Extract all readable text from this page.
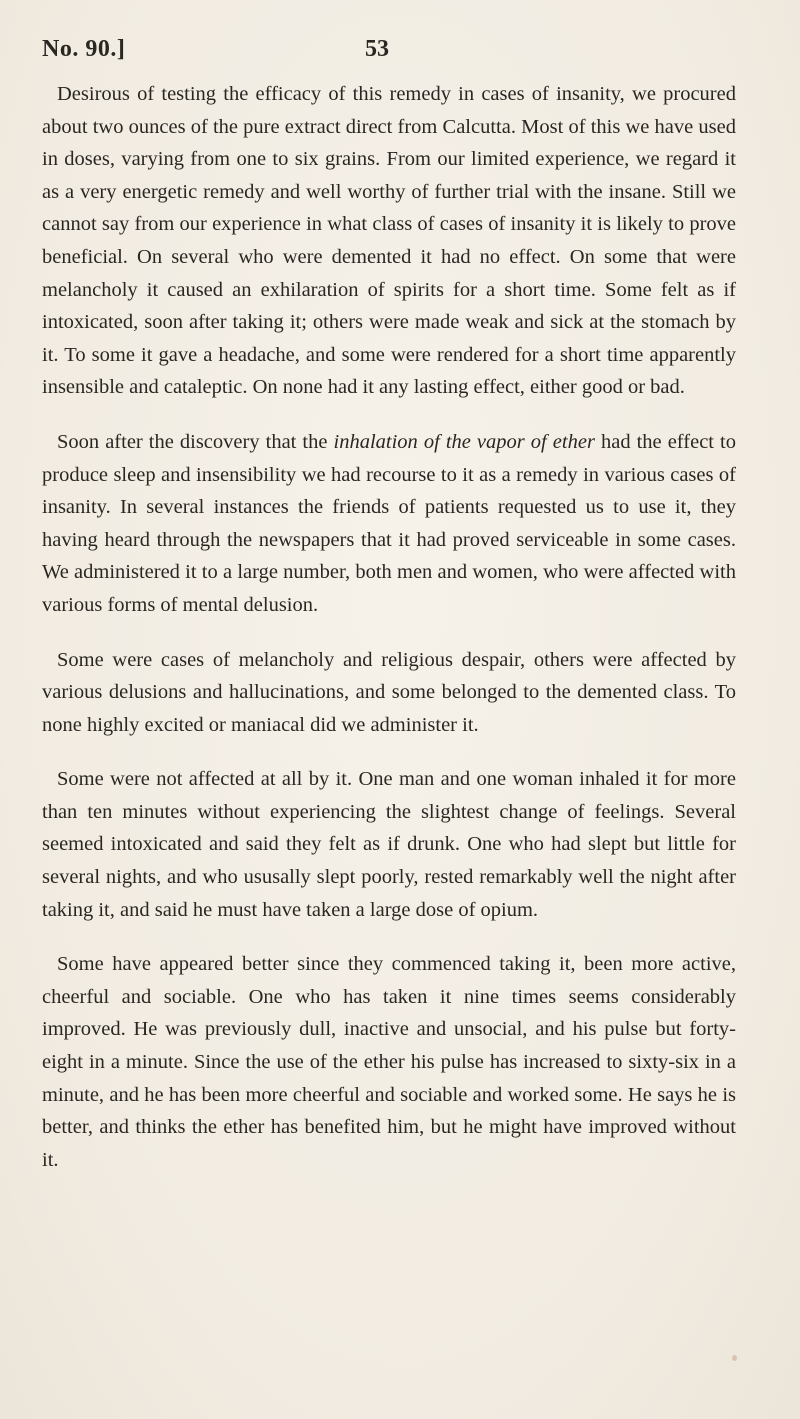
No. 90.]	53

Desirous of testing the efficacy of this remedy in cases of insanity, we procured about two ounces of the pure extract direct from Calcutta. Most of this we have used in doses, varying from one to six grains. From our limited experience, we regard it as a very energetic remedy and well worthy of further trial with the insane. Still we cannot say from our experience in what class of cases of insanity it is likely to prove beneficial. On several who were demented it had no effect. On some that were melancholy it caused an exhilaration of spirits for a short time. Some felt as if intoxicated, soon after taking it; others were made weak and sick at the stomach by it. To some it gave a headache, and some were rendered for a short time apparently insensible and cataleptic. On none had it any lasting effect, either good or bad.

Soon after the discovery that the inhalation of the vapor of ether had the effect to produce sleep and insensibility we had recourse to it as a remedy in various cases of insanity. In several instances the friends of patients requested us to use it, they having heard through the newspapers that it had proved serviceable in some cases. We administered it to a large number, both men and women, who were affected with various forms of mental delusion.

Some were cases of melancholy and religious despair, others were affected by various delusions and hallucinations, and some belonged to the demented class. To none highly excited or maniacal did we administer it.

Some were not affected at all by it. One man and one woman inhaled it for more than ten minutes without experiencing the slightest change of feelings. Several seemed intoxicated and said they felt as if drunk. One who had slept but little for several nights, and who ususally slept poorly, rested remarkably well the night after taking it, and said he must have taken a large dose of opium.

Some have appeared better since they commenced taking it, been more active, cheerful and sociable. One who has taken it nine times seems considerably improved. He was previously dull, inactive and unsocial, and his pulse but forty-eight in a minute. Since the use of the ether his pulse has increased to sixty-six in a minute, and he has been more cheerful and sociable and worked some. He says he is better, and thinks the ether has benefited him, but he might have improved without it.
